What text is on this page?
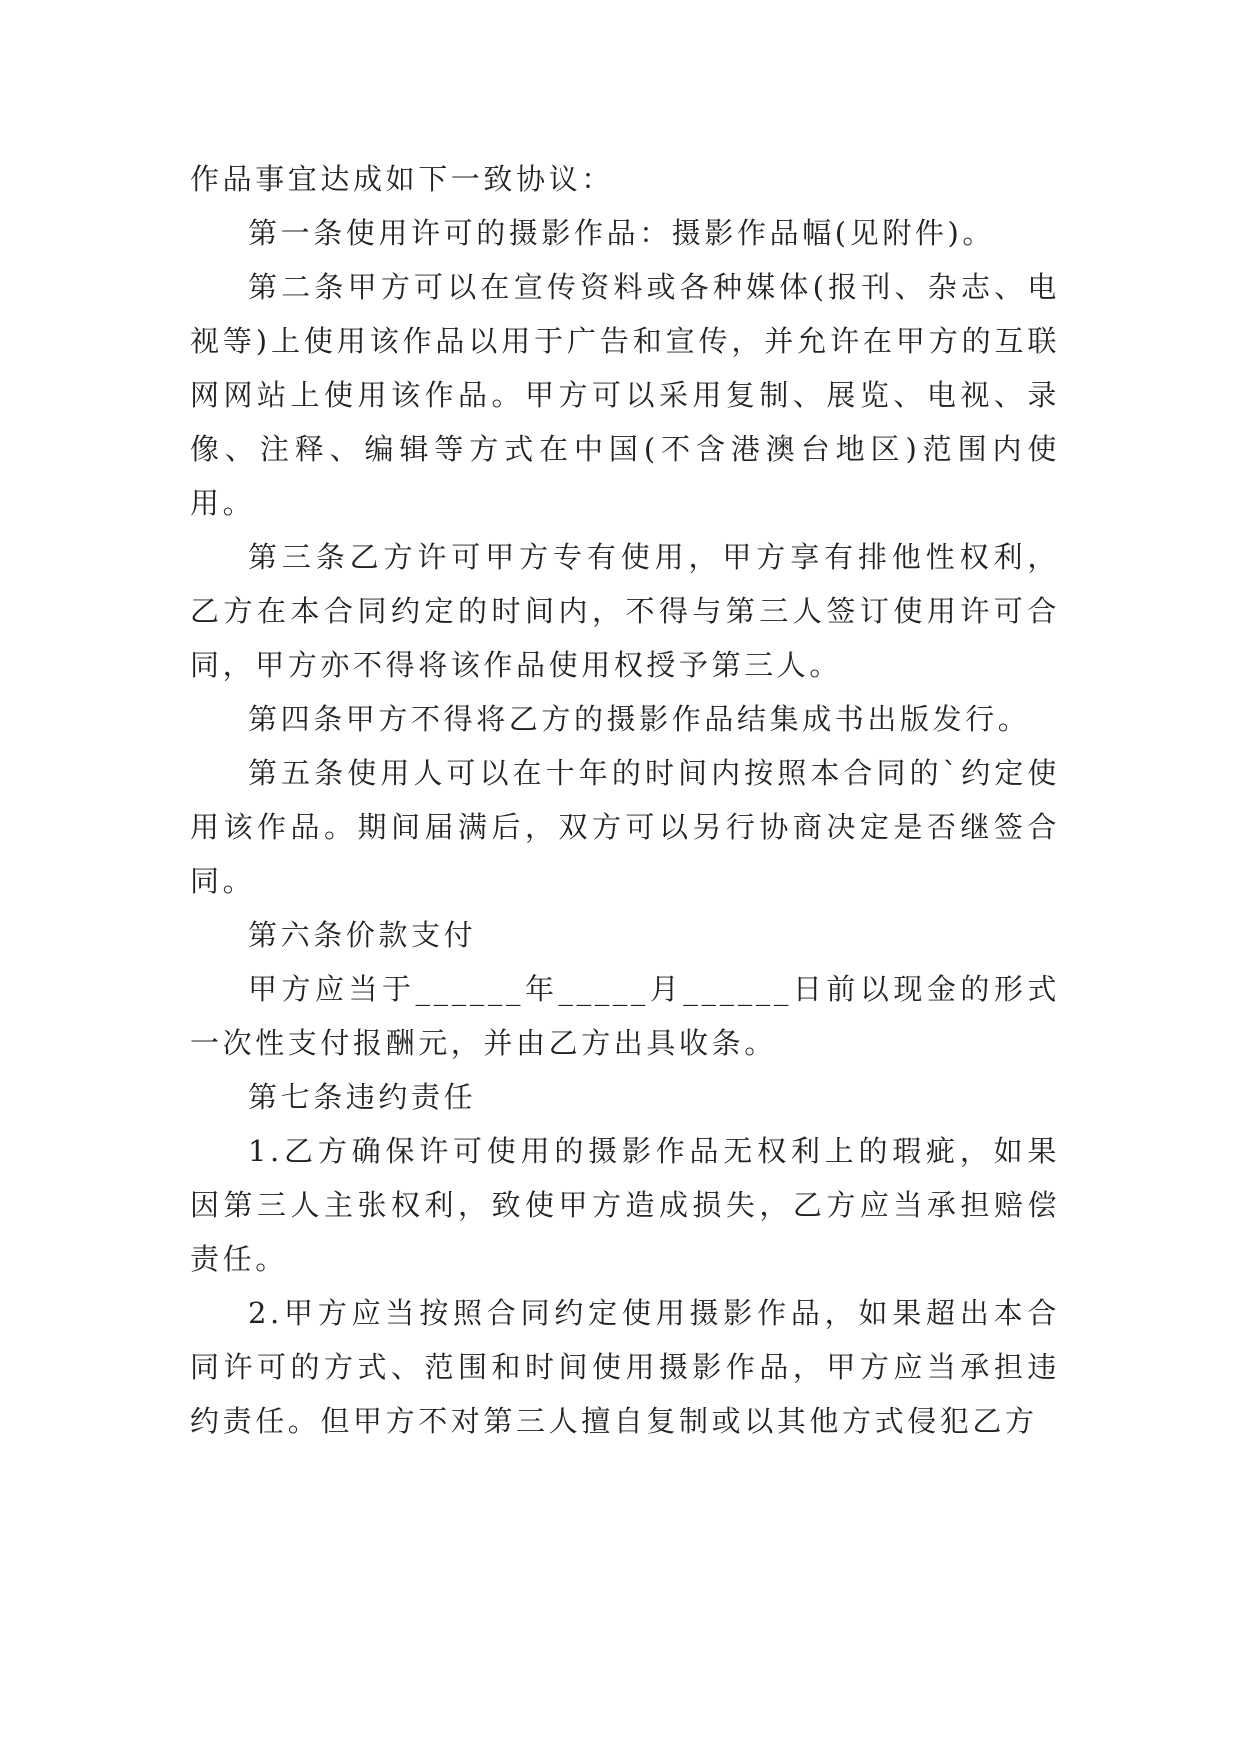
作品事宜达成如下一致协议：

第一条使用许可的摄影作品：摄影作品幅(见附件)。

第二条甲方可以在宣传资料或各种媒体(报刊、杂志、电视等)上使用该作品以用于广告和宣传，并允许在甲方的互联网网站上使用该作品。甲方可以采用复制、展览、电视、录像、注释、编辑等方式在中国(不含港澳台地区)范围内使用。

第三条乙方许可甲方专有使用，甲方享有排他性权利，乙方在本合同约定的时间内，不得与第三人签订使用许可合同，甲方亦不得将该作品使用权授予第三人。

第四条甲方不得将乙方的摄影作品结集成书出版发行。

第五条使用人可以在十年的时间内按照本合同的`约定使用该作品。期间届满后，双方可以另行协商决定是否继签合同。

第六条价款支付

甲方应当于______年_____月______日前以现金的形式一次性支付报酬元，并由乙方出具收条。

第七条违约责任

1.乙方确保许可使用的摄影作品无权利上的瑕疵，如果因第三人主张权利，致使甲方造成损失，乙方应当承担赔偿责任。

2.甲方应当按照合同约定使用摄影作品，如果超出本合同许可的方式、范围和时间使用摄影作品，甲方应当承担违约责任。但甲方不对第三人擅自复制或以其他方式侵犯乙方
